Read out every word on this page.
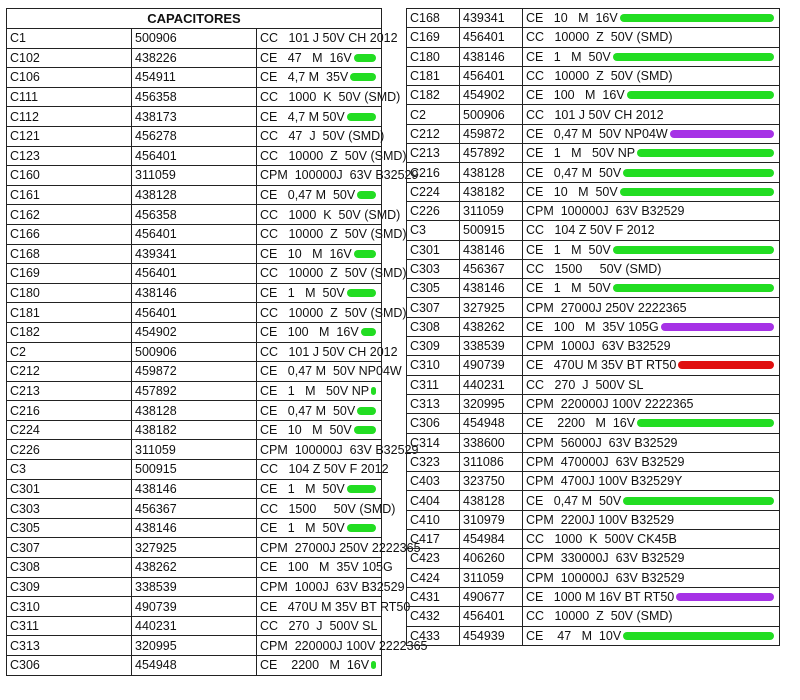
CAPACITORES		
C1	500906	CC   101 J 50V CH 2012

C102	438226	CE   47   M  16V

C106	454911	CE   4,7 M  35V

C111	456358	CC   1000  K  50V (SMD)

C112	438173	CE   4,7 M 50V

C121	456278	CC   47  J  50V (SMD)

C123	456401	CC   10000  Z  50V (SMD)

C160	311059	CPM  100000J  63V B32529

C161	438128	CE   0,47 M  50V

C162	456358	CC   1000  K  50V (SMD)

C166	456401	CC   10000  Z  50V (SMD)

C168	439341	CE   10   M  16V

C169	456401	CC   10000  Z  50V (SMD)

C180	438146	CE   1   M  50V

C181	456401	CC   10000  Z  50V (SMD)

C182	454902	CE   100   M  16V

C2	500906	CC   101 J 50V CH 2012

C212	459872	CE   0,47 M  50V NP04W

C213	457892	CE   1   M   50V NP

C216	438128	CE   0,47 M  50V

C224	438182	CE   10   M  50V

C226	311059	CPM  100000J  63V B32529

C3	500915	CC   104 Z 50V F 2012

C301	438146	CE   1   M  50V

C303	456367	CC   1500     50V (SMD)

C305	438146	CE   1   M  50V

C307	327925	CPM  27000J 250V 2222365

C308	438262	CE   100   M  35V 105G

C309	338539	CPM  1000J  63V B32529

C310	490739	CE   470U M 35V BT RT50

C311	440231	CC   270  J  500V SL

C313	320995	CPM  220000J 100V 2222365

C306	454948	CE    2200   M  16V
C168	439341	CE   10   M  16V

C169	456401	CC   10000  Z  50V (SMD)

C180	438146	CE   1   M  50V

C181	456401	CC   10000  Z  50V (SMD)

C182	454902	CE   100   M  16V

C2	500906	CC   101 J 50V CH 2012

C212	459872	CE   0,47 M  50V NP04W

C213	457892	CE   1   M   50V NP

C216	438128	CE   0,47 M  50V

C224	438182	CE   10   M  50V

C226	311059	CPM  100000J  63V B32529

C3	500915	CC   104 Z 50V F 2012

C301	438146	CE   1   M  50V

C303	456367	CC   1500     50V (SMD)

C305	438146	CE   1   M  50V

C307	327925	CPM  27000J 250V 2222365

C308	438262	CE   100   M  35V 105G

C309	338539	CPM  1000J  63V B32529

C310	490739	CE   470U M 35V BT RT50

C311	440231	CC   270  J  500V SL

C313	320995	CPM  220000J 100V 2222365

C306	454948	CE    2200   M  16V

C314	338600	CPM  56000J  63V B32529

C323	311086	CPM  470000J  63V B32529

C403	323750	CPM  4700J 100V B32529Y

C404	438128	CE   0,47 M  50V

C410	310979	CPM  2200J 100V B32529

C417	454984	CC   1000  K  500V CK45B

C423	406260	CPM  330000J  63V B32529

C424	311059	CPM  100000J  63V B32529

C431	490677	CE   1000 M 16V BT RT50

C432	456401	CC   10000  Z  50V (SMD)

C433	454939	CE    47   M  10V
